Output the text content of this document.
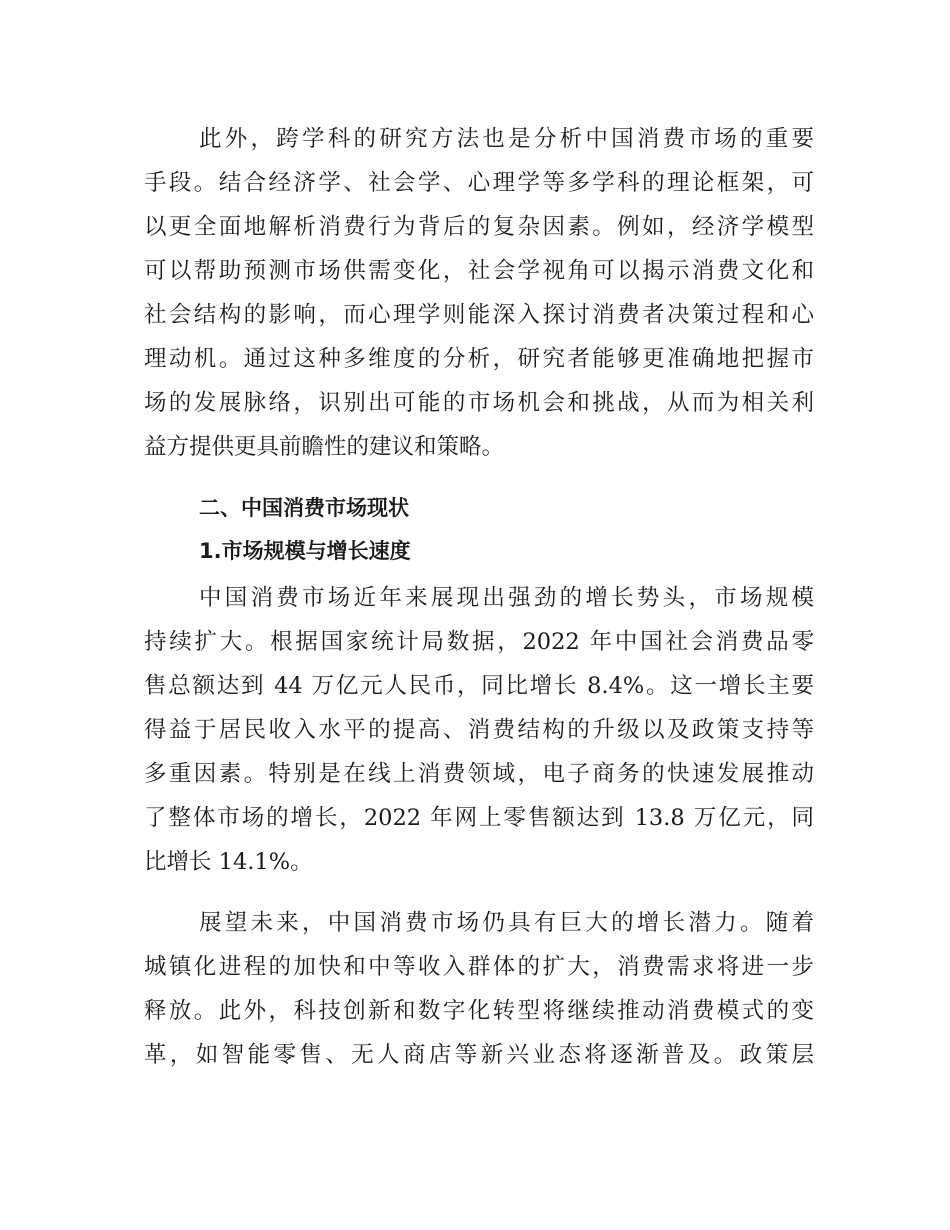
此外，跨学科的研究方法也是分析中国消费市场的重要

手段。结合经济学、社会学、心理学等多学科的理论框架，可

以更全面地解析消费行为背后的复杂因素。例如，经济学模型

可以帮助预测市场供需变化，社会学视角可以揭示消费文化和

社会结构的影响，而心理学则能深入探讨消费者决策过程和心

理动机。通过这种多维度的分析，研究者能够更准确地把握市

场的发展脉络，识别出可能的市场机会和挑战，从而为相关利

益方提供更具前瞻性的建议和策略。

二、中国消费市场现状
1.市场规模与增长速度

中国消费市场近年来展现出强劲的增长势头，市场规模

持续扩大。根据国家统计局数据，2022 年中国社会消费品零

售总额达到 44 万亿元人民币，同比增长 8.4%。这一增长主要

得益于居民收入水平的提高、消费结构的升级以及政策支持等

多重因素。特别是在线上消费领域，电子商务的快速发展推动

了整体市场的增长，2022 年网上零售额达到 13.8 万亿元，同

比增长 14.1%。

展望未来，中国消费市场仍具有巨大的增长潜力。随着

城镇化进程的加快和中等收入群体的扩大，消费需求将进一步

释放。此外，科技创新和数字化转型将继续推动消费模式的变

革，如智能零售、无人商店等新兴业态将逐渐普及。政策层
